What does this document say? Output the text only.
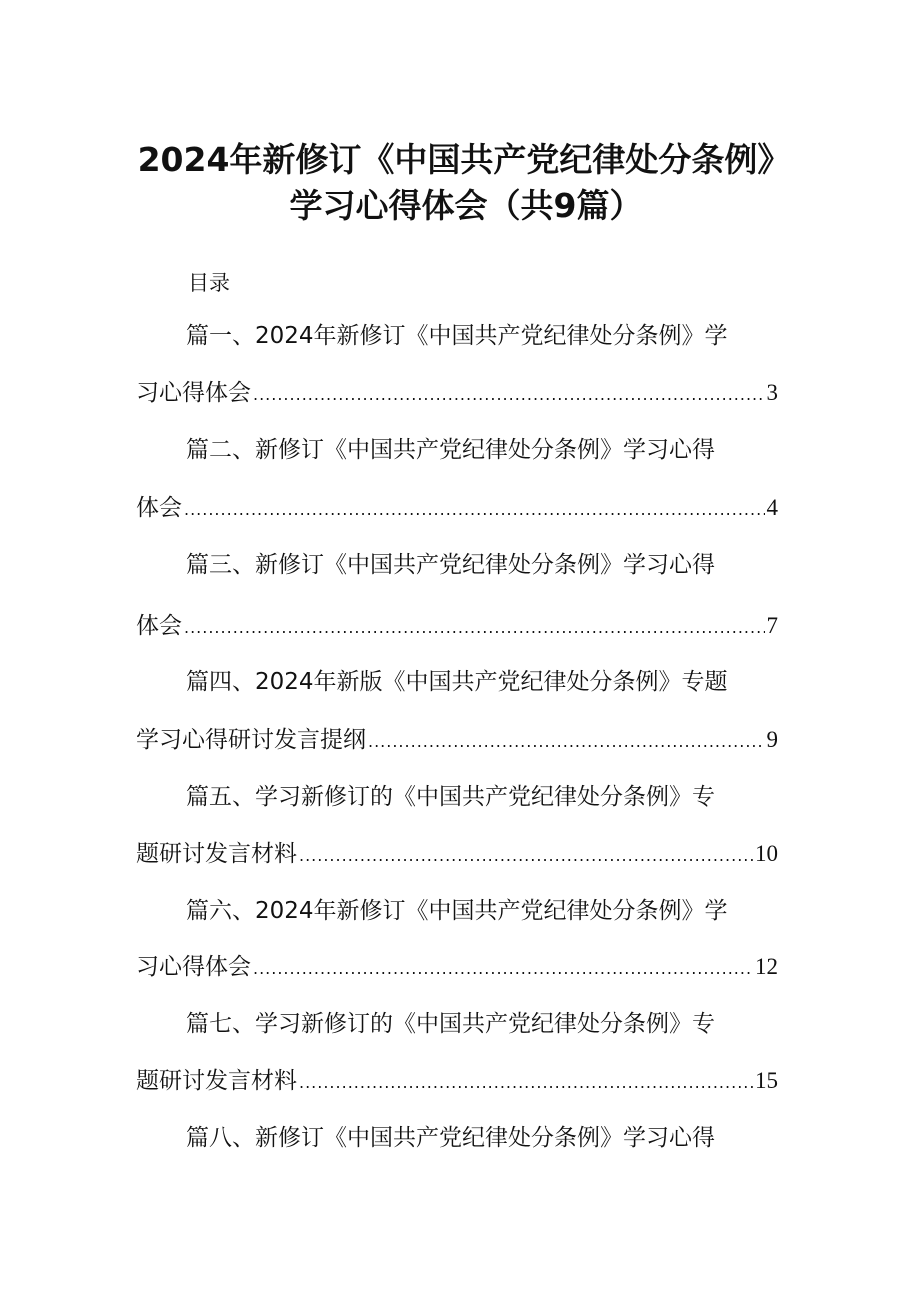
2024年新修订《中国共产党纪律处分条例》
学习心得体会（共9篇）
目录
篇一、2024年新修订《中国共产党纪律处分条例》学
习心得体会 .....	3
篇二、新修订《中国共产党纪律处分条例》学习心得
体会 .....	4
篇三、新修订《中国共产党纪律处分条例》学习心得
体会 .....	7
篇四、2024年新版《中国共产党纪律处分条例》专题
学习心得研讨发言提纲 .....	9
篇五、学习新修订的《中国共产党纪律处分条例》专
题研讨发言材料 .....	10
篇六、2024年新修订《中国共产党纪律处分条例》学
习心得体会 .....	12
篇七、学习新修订的《中国共产党纪律处分条例》专
题研讨发言材料 .....	15
篇八、新修订《中国共产党纪律处分条例》学习心得
